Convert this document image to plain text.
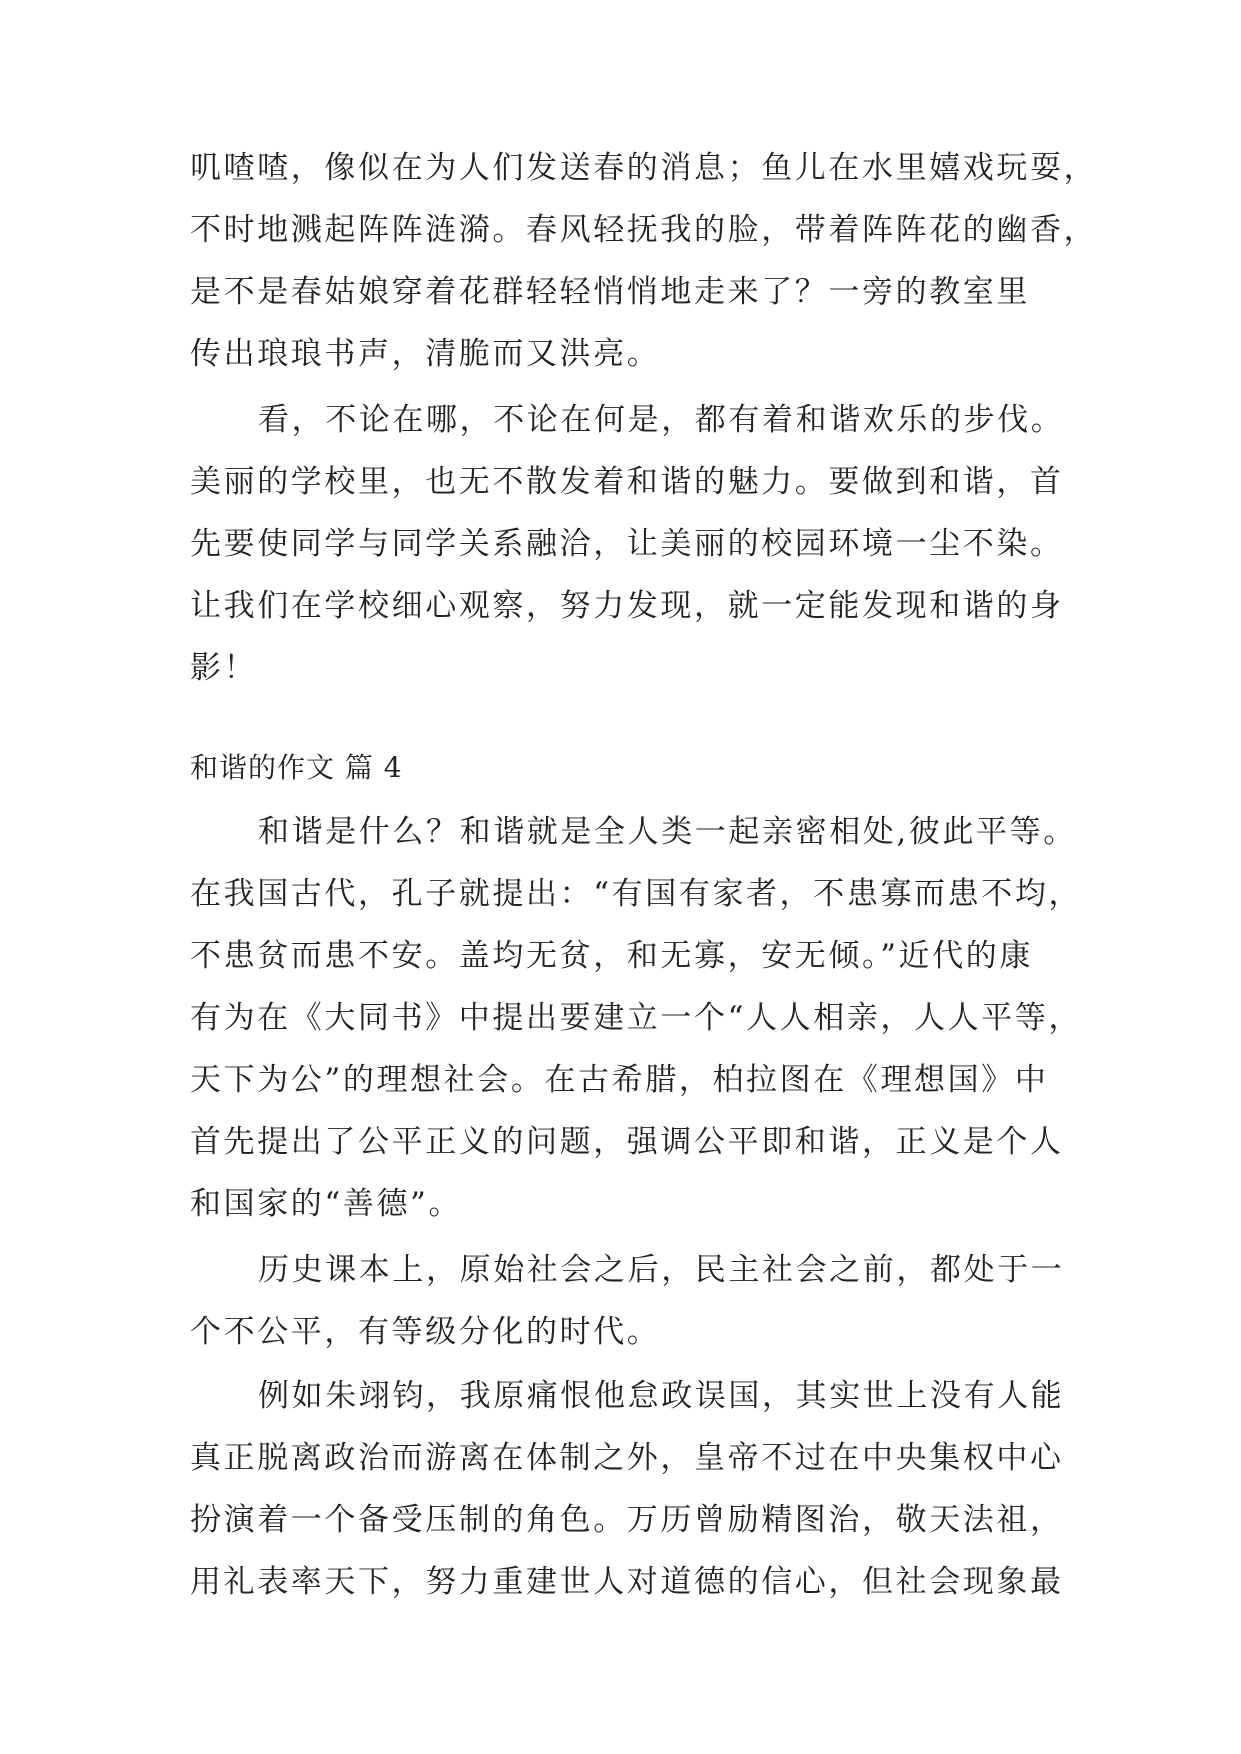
叽喳喳，像似在为人们发送春的消息；鱼儿在水里嬉戏玩耍，
不时地溅起阵阵涟漪。春风轻抚我的脸，带着阵阵花的幽香，
是不是春姑娘穿着花群轻轻悄悄地走来了？一旁的教室里
传出琅琅书声，清脆而又洪亮。
看，不论在哪，不论在何是，都有着和谐欢乐的步伐。
美丽的学校里，也无不散发着和谐的魅力。要做到和谐，首
先要使同学与同学关系融洽，让美丽的校园环境一尘不染。
让我们在学校细心观察，努力发现，就一定能发现和谐的身
影！
和谐的作文 篇 4
和谐是什么？和谐就是全人类一起亲密相处,彼此平等。
在我国古代，孔子就提出：“有国有家者，不患寡而患不均，
不患贫而患不安。盖均无贫，和无寡，安无倾。”近代的康
有为在《大同书》中提出要建立一个“人人相亲，人人平等，
天下为公”的理想社会。在古希腊，柏拉图在《理想国》中
首先提出了公平正义的问题，强调公平即和谐，正义是个人
和国家的“善德”。
历史课本上，原始社会之后，民主社会之前，都处于一
个不公平，有等级分化的时代。
例如朱翊钧，我原痛恨他怠政误国，其实世上没有人能
真正脱离政治而游离在体制之外，皇帝不过在中央集权中心
扮演着一个备受压制的角色。万历曾励精图治，敬天法祖，
用礼表率天下，努力重建世人对道德的信心，但社会现象最
